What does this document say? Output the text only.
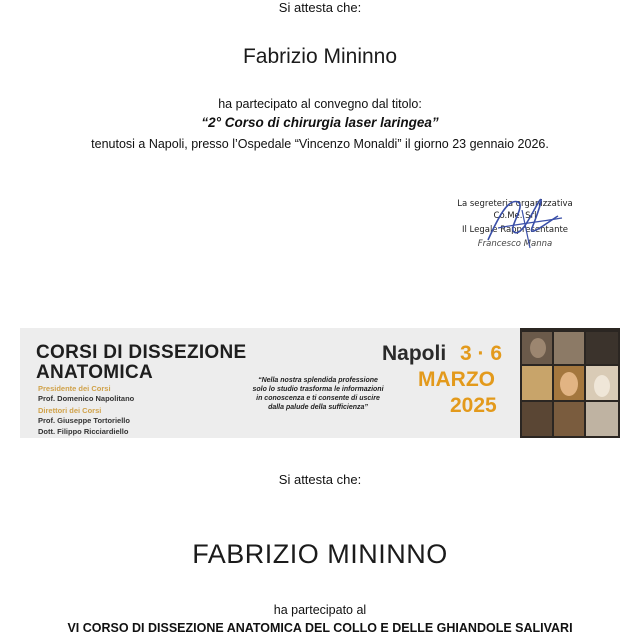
Si attesta che:
Fabrizio Mininno
ha partecipato al convegno dal titolo:
“2° Corso di chirurgia laser laringea”
tenutosi a Napoli, presso l’Ospedale “Vincenzo Monaldi” il giorno 23 gennaio 2026.
La segreteria organizzativa
Co.Me. Srl
Il Legale Rappresentante
Francesco Manna
CORSI DI DISSEZIONE
ANATOMICA
Presidente dei Corsi
Prof. Domenico Napolitano
Direttori dei Corsi
Prof. Giuseppe Tortoriello
Dott. Filippo Ricciardiello
“Nella nostra splendida professione solo lo studio trasforma le informazioni in conoscenza e ti consente di uscire dalla palude della sufficienza”
Napoli 3 · 6
MARZO
2025
Si attesta che:
FABRIZIO MININNO
ha partecipato al
VI CORSO DI DISSEZIONE ANATOMICA DEL COLLO E DELLE GHIANDOLE SALIVARI
